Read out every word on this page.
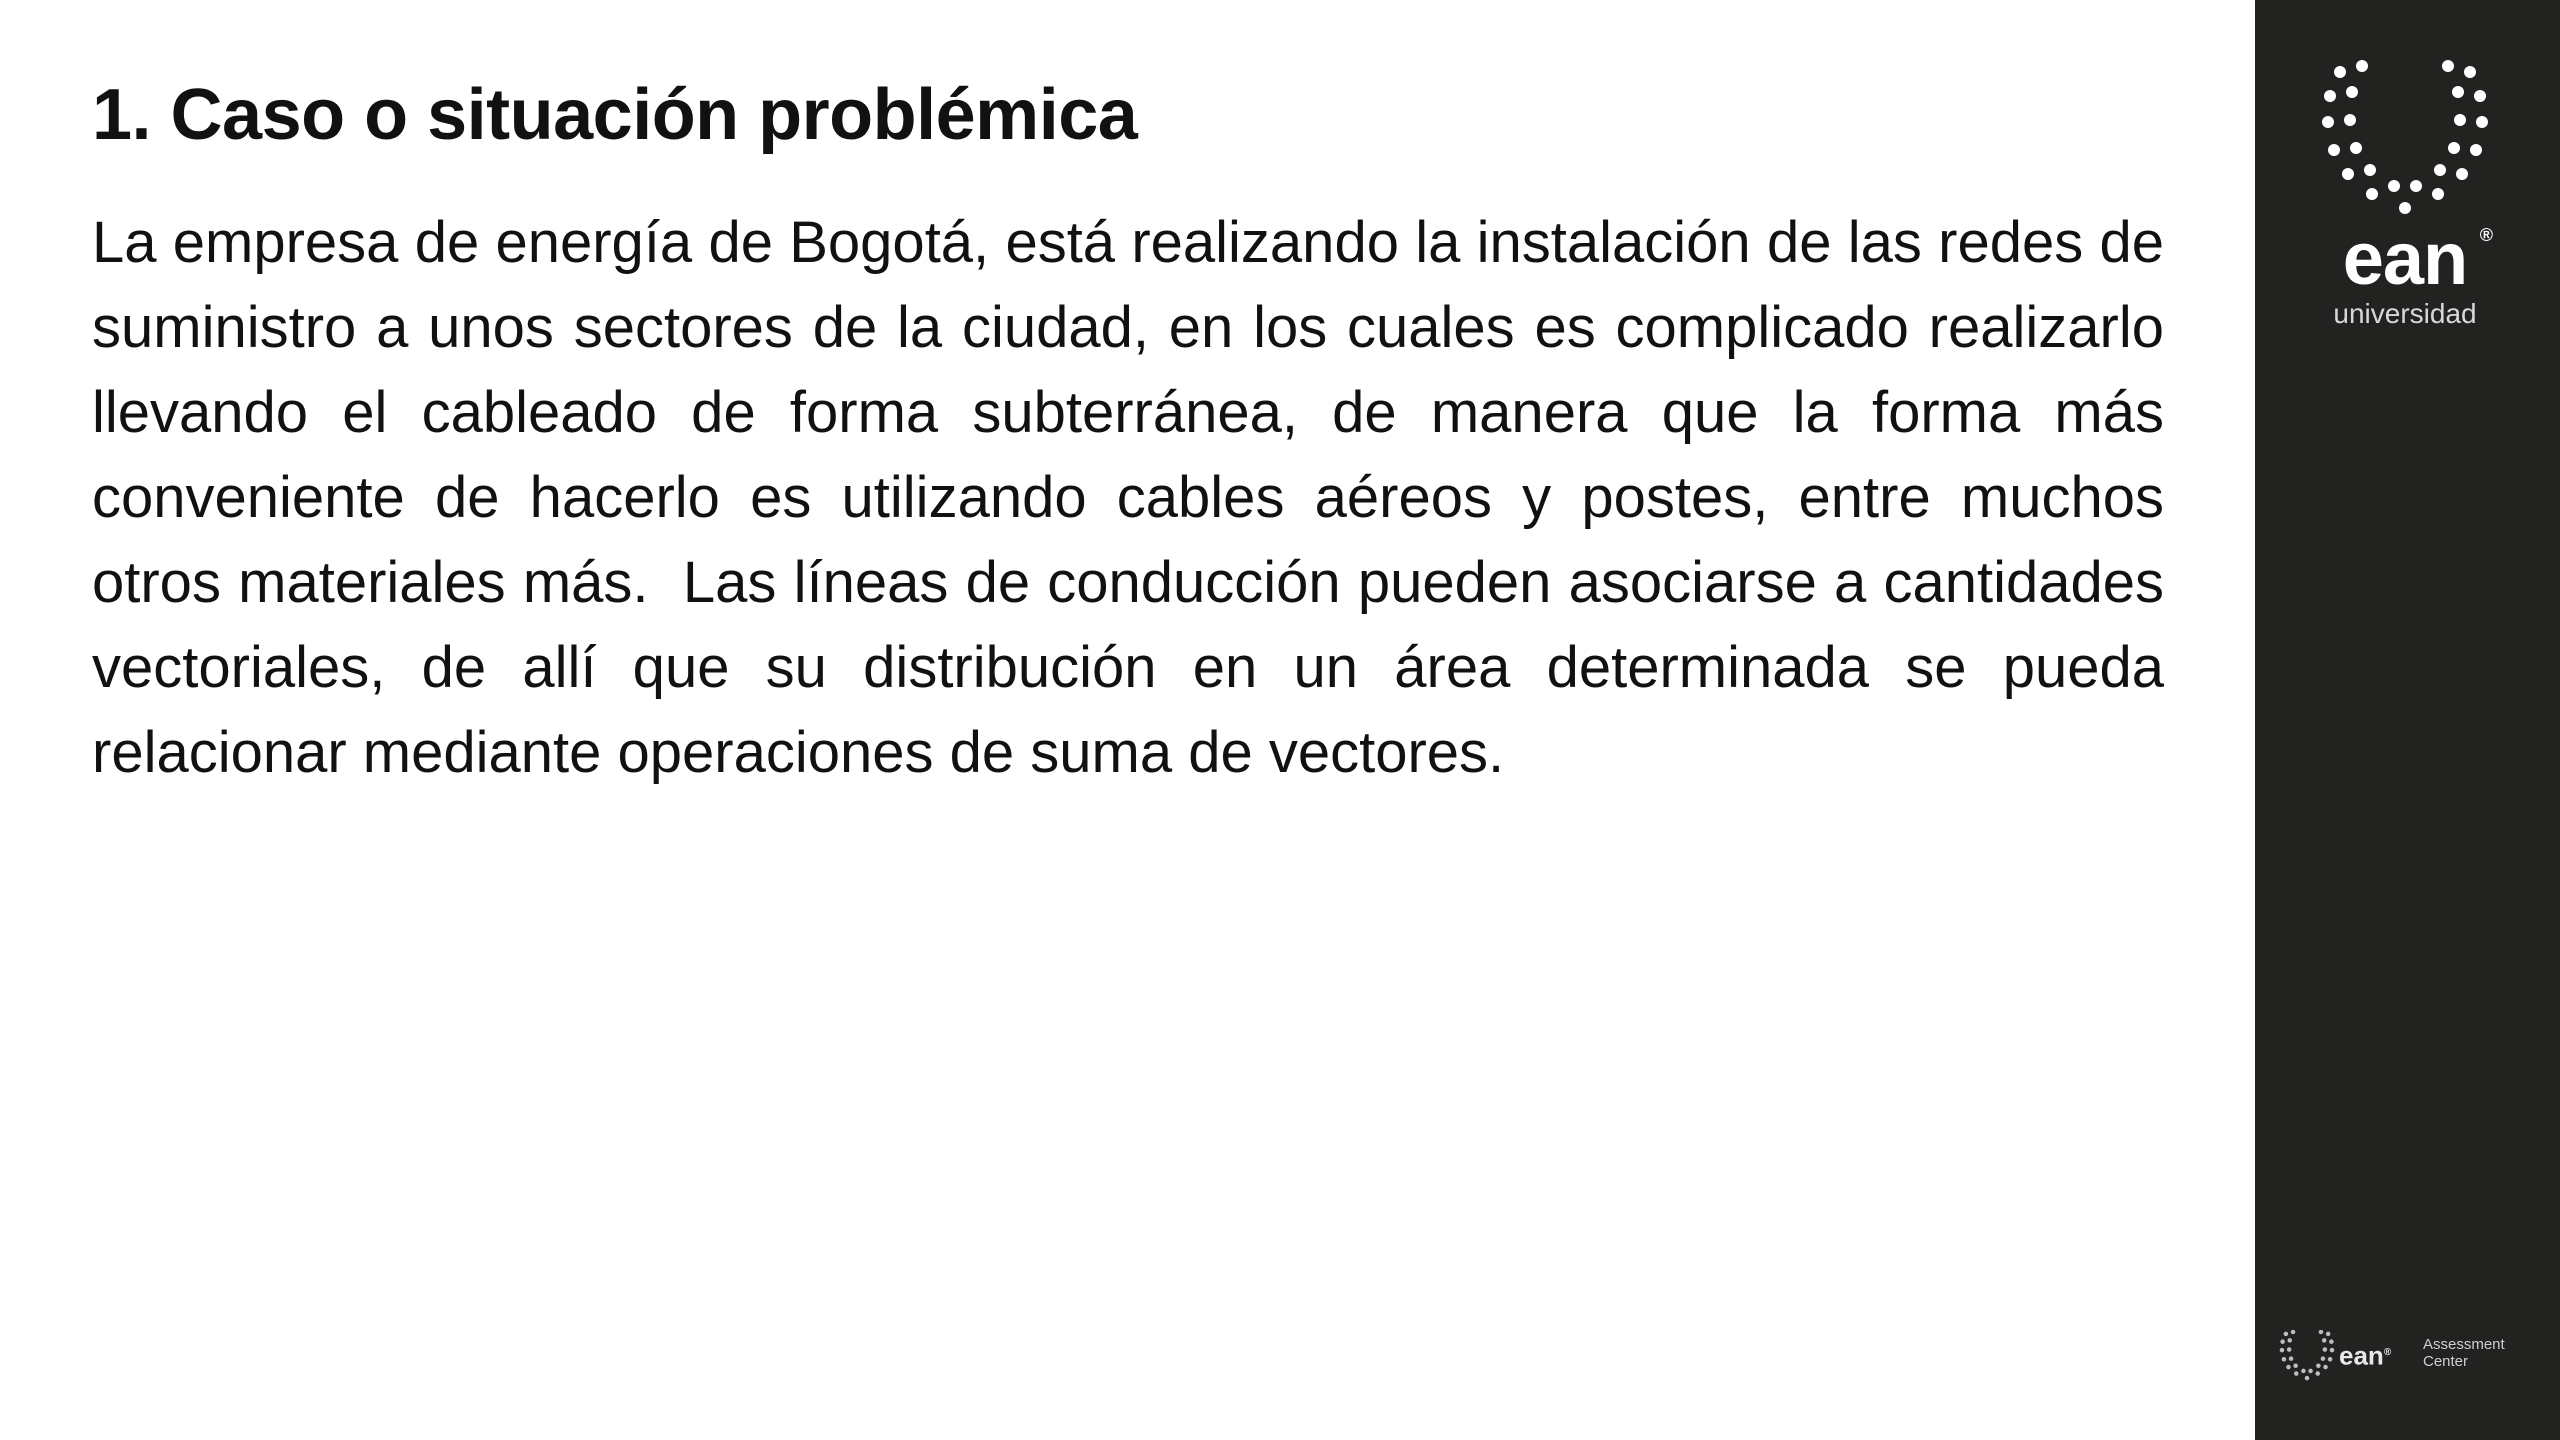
1. Caso o situación problémica

La empresa de energía de Bogotá, está realizando la instalación de las redes de suministro a unos sectores de la ciudad, en los cuales es complicado realizarlo llevando el cableado de forma subterránea, de manera que la forma más conveniente de hacerlo es utilizando cables aéreos y postes, entre muchos otros materiales más.  Las líneas de conducción pueden asociarse a cantidades vectoriales, de allí que su distribución en un área determinada se pueda relacionar mediante operaciones de suma de vectores.

ean ®
universidad
ean® Assessment
Center
